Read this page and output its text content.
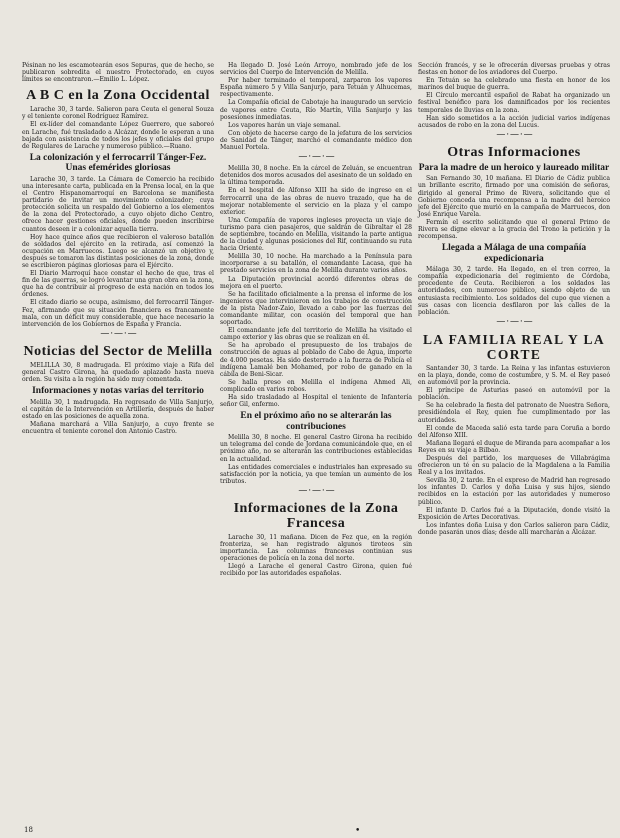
Pésinan no les escamotearán esos Sepuras, que de hecho, se publicaron sobredita el nuestro Protectorado, en cuyos límites se encontraron.—Emilio L. López.

A B C en la Zona Occidental

Larache 30, 3 tarde. Salieron para Ceuta el general Souza y el teniente coronel Rodríguez Ramírez.

El ex-líder del comandante López Guerrero, que saboreó en Larache, fué trasladado a Alcázar, donde le esperan a una bajada con asistencia de todos los jefes y oficiales del grupo de Regulares de Larache y numeroso público.—Ruano.

La colonización y el ferrocarril Tánger-Fez. Unas efemérides gloriosas

Larache 30, 3 tarde. La Cámara de Comercio ha recibido una interesante carta, publicada en la Prensa local, en la que el Centro Hispanomarroquí en Barcelona se manifiesta partidario de invitar un movimiento colonizador; cuya protección solicita un respaldo del Gobierno a los elementos de la zona del Protectorado, a cuyo objeto dicho Centro, ofrece hacer gestiones oficiales, donde pueden inscribirse cuantos deseen ir a colonizar aquella tierra.

Hoy hace quince años que recibieron el valeroso batallón de soldados del ejército en la retirada, así comenzó la ocupación en Marruecos. Luego se alcanzó un objetivo y, después se tomaron las distintas posiciones de la zona, donde se escribieron páginas gloriosas para el Ejército.

El Diario Marroquí hace constar el hecho de que, tras el fin de las guerras, se logró levantar una gran obra en la zona, que ha de contribuir al progreso de esta nación en todos los órdenes.

El citado diario se ocupa, asimismo, del ferrocarril Tánger-Fez, afirmando que su situación financiera es francamente mala, con un déficit muy considerable, que hace necesario la intervención de los Gobiernos de España y Francia.

— · — · —
Noticias del Sector de Melilla

MELILLA 30, 8 madrugada. El próximo viaje a Rifa del general Castro Girona, ha quedado aplazado hasta nueva orden. Su visita a la región ha sido muy comentada.

Informaciones y notas varias del territorio

Melilla 30, 1 madrugada. Ha regresado de Villa Sanjurjo, el capitán de la Intervención en Artillería, después de haber estado en las posiciones de aquella zona.

Mañana marchará a Villa Sanjurjo, a cuyo frente se encuentra el teniente coronel don Antonio Castro.

Ha llegado D. José León Arroyo, nombrado jefe de los servicios del Cuerpo de Intervención de Melilla.

Por haber terminado el temporal, zarparon los vapores España número 5 y Villa Sanjurjo, para Tetuán y Alhucemas, respectivamente.

La Compañía oficial de Cabotaje ha inaugurado un servicio de vapores entre Ceuta, Río Martín, Villa Sanjurjo y las posesiones inmediatas.

Los vapores harán un viaje semanal.

Con objeto de hacerse cargo de la jefatura de los servicios de Sanidad de Tánger, marchó el comandante médico don Manuel Portela.

— · — · —

Melilla 30, 8 noche. En la cárcel de Zeluán, se encuentran detenidos dos moros acusados del asesinato de un soldado en la última temporada.

En el hospital de Alfonso XIII ha sido de ingreso en el ferrocarril una de las obras de nuevo trazado, que ha de mejorar notablemente el servicio en la plaza y el campo exterior.

Una Compañía de vapores ingleses proyecta un viaje de turismo para cien pasajeros, que saldrán de Gibraltar el 28 de septiembre, tocando en Melilla, visitando la parte antigua de la ciudad y algunas posiciones del Rif, continuando su ruta hacia Oriente.

Melilla 30, 10 noche. Ha marchado a la Península para incorporarse a su batallón, el comandante Lacasa, que ha prestado servicios en la zona de Melilla durante varios años.

La Diputación provincial acordó diferentes obras de mejora en el puerto.

Se ha facilitado oficialmente a la prensa el informe de los ingenieros que intervinieron en los trabajos de construcción de la pista Nador-Zaio, llevado a cabo por las fuerzas del comandante militar, con ocasión del temporal que han soportado.

El comandante jefe del territorio de Melilla ha visitado el campo exterior y las obras que se realizan en él.

Se ha aprobado el presupuesto de los trabajos de construcción de aguas al poblado de Cabo de Agua, importe de 4.000 pesetas. Ha sido desterrado a la fuerza de Policía el indígena Lamalé ben Mohamed, por robo de ganado en la cábila de Beni-Sicar.

Se halla preso en Melilla el indígena Ahmed Ali, complicado en varios robos.

Ha sido trasladado al Hospital el teniente de Infantería señor Gil, enfermo.

En el próximo año no se alterarán las contribuciones

Melilla 30, 8 noche. El general Castro Girona ha recibido un telegrama del conde de Jordana comunicándole que, en el próximo año, no se alterarán las contribuciones establecidas en la actualidad.

Las entidades comerciales e industriales han expresado su satisfacción por la noticia, ya que temían un aumento de los tributos.

— · — · —
Informaciones de la Zona Francesa

Larache 30, 11 mañana. Dicen de Fez que, en la región fronteriza, se han registrado algunos tiroteos sin importancia. Las columnas francesas continúan sus operaciones de policía en la zona del norte.

Llegó a Larache el general Castro Girona, quien fué recibido por las autoridades españolas.

Sección francés, y se le ofrecerán diversas pruebas y otras fiestas en honor de los aviadores del Cuerpo.

En Tetuán se ha celebrado una fiesta en honor de los marinos del buque de guerra.

El Círculo mercantil español de Rabat ha organizado un festival benéfico para los damnificados por los recientes temporales de lluvias en la zona.

Han sido sometidos a la acción judicial varios indígenas acusados de robo en la zona del Lucus.

— · — · —
Otras Informaciones
Para la madre de un heroico y laureado militar

San Fernando 30, 10 mañana. El Diario de Cádiz publica un brillante escrito, firmado por una comisión de señoras, dirigido al general Primo de Rivera, solicitando que el Gobierno conceda una recompensa a la madre del heroico jefe del Ejército que murió en la campaña de Marruecos, don José Enrique Varela.

Fermín el escrito solicitando que el general Primo de Rivera se digne elevar a la gracia del Trono la petición y la recompensa.

Llegada a Málaga de una compañía expedicionaria

Málaga 30, 2 tarde. Ha llegado, en el tren correo, la compañía expedicionaria del regimiento de Córdoba, procedente de Ceuta. Recibieron a los soldados las autoridades, con numeroso público, siendo objeto de un entusiasta recibimiento. Los soldados del cupo que vienen a sus casas con licencia desfilaron por las calles de la población.

— · — · —
LA FAMILIA REAL Y LA CORTE

Santander 30, 3 tarde. La Reina y las infantas estuvieron en la playa, donde, como de costumbre, y S. M. el Rey paseó en automóvil por la provincia.

El príncipe de Asturias paseó en automóvil por la población.

Se ha celebrado la fiesta del patronato de Nuestra Señora, presidiéndola el Rey, quien fue cumplimentado por las autoridades.

El conde de Maceda salió esta tarde para Coruña a bordo del Alfonso XIII.

Mañana llegará el duque de Miranda para acompañar a los Reyes en su viaje a Bilbao.

Después del partido, los marqueses de Villabrágima ofrecieron un té en su palacio de la Magdalena a la Familia Real y a los invitados.

Sevilla 30, 2 tarde. En el expreso de Madrid han regresado los infantes D. Carlos y doña Luisa y sus hijos, siendo recibidos en la estación por las autoridades y numeroso público.

El infante D. Carlos fué a la Diputación, donde visitó la Exposición de Artes Decorativas.

Los infantes doña Luisa y don Carlos salieron para Cádiz, donde pasarán unos días; desde allí marcharán a Alcázar.

18	•
